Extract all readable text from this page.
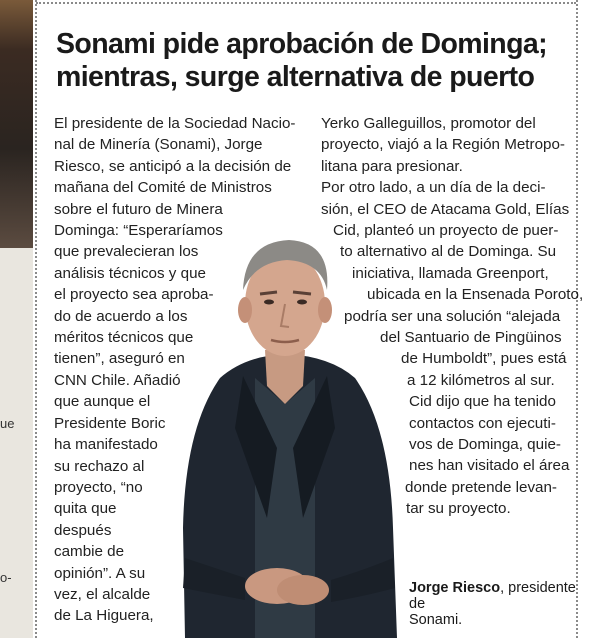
ue
o-
Sonami pide aprobación de Dominga;
mientras, surge alternativa de puerto
El presidente de la Sociedad Nacio-
nal de Minería (Sonami), Jorge
Riesco, se anticipó a la decisión de
mañana del Comité de Ministros
sobre el futuro de Minera
Dominga: “Esperaríamos
que prevalecieran los
análisis técnicos y que
el proyecto sea aproba-
do de acuerdo a los
méritos técnicos que
tienen”, aseguró en
CNN Chile. Añadió
que aunque el
Presidente Boric
ha manifestado
su rechazo al
proyecto, “no
quita que
después
cambie de
opinión”. A su
vez, el alcalde
de La Higuera,
Jorge Riesco, presidente de
Sonami.
Yerko Galleguillos, promotor del
proyecto, viajó a la Región Metropo-
litana para presionar.
Por otro lado, a un día de la deci-
sión, el CEO de Atacama Gold, Elías
Cid, planteó un proyecto de puer-
to alternativo al de Dominga. Su
iniciativa, llamada Greenport,
ubicada en la Ensenada Poroto,
podría ser una solución “alejada
del Santuario de Pingüinos
de Humboldt”, pues está
a 12 kilómetros al sur.
Cid dijo que ha tenido
contactos con ejecuti-
vos de Dominga, quie-
nes han visitado el área
donde pretende levan-
tar su proyecto.
